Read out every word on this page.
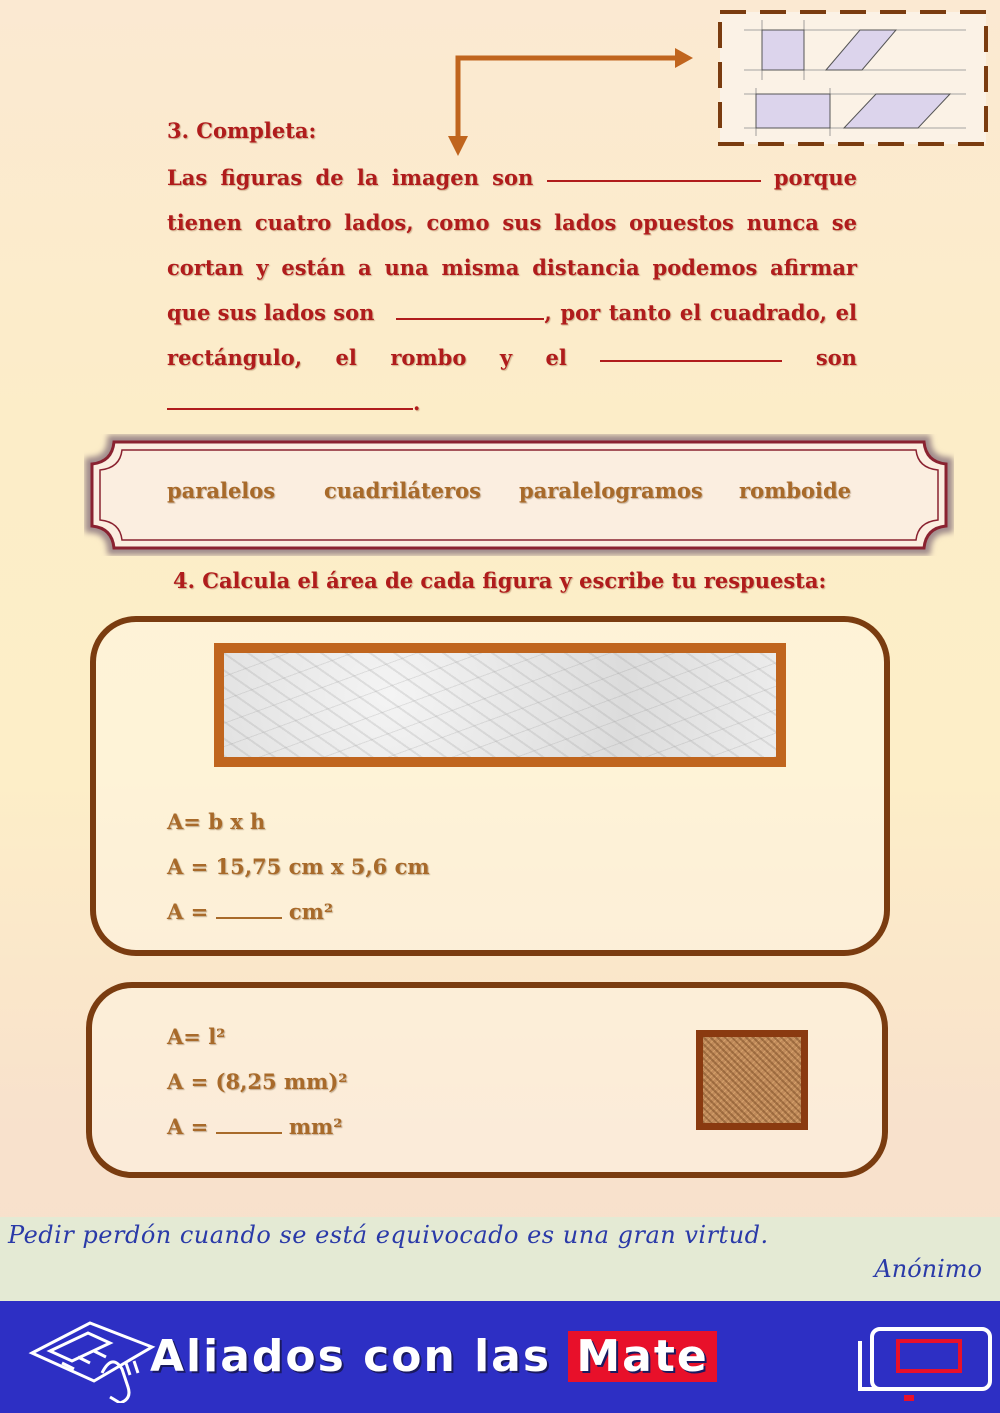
3. Completa:
Las figuras de la imagen son	porque
tienen cuatro lados, como sus lados opuestos nunca se
cortan y están a una misma distancia podemos afirmar
que sus lados son	, por tanto el cuadrado, el
rectángulo, el rombo y el	son
.
paralelos cuadriláteros paralelogramos romboide
4. Calcula el área de cada figura y escribe tu respuesta:
A= b x h
A = 15,75 cm x 5,6 cm
A =	cm²
A= l²
A = (8,25 mm)²
A =	mm²
Pedir perdón cuando se está equivocado es una gran virtud.
Anónimo
Aliados con las Mate
